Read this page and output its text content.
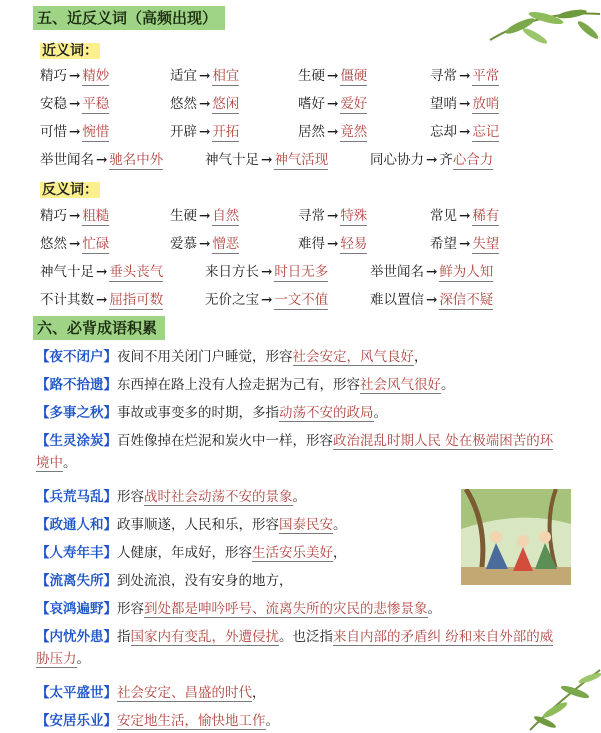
五、近反义词（高频出现）
近义词：
反义词：
六、必背成语积累
精巧 → 精妙	适宜 → 相宜	生硬 → 僵硬	寻常 → 平常
安稳 → 平稳	悠然 → 悠闲	嗜好 → 爱好	望哨 → 放哨
可惜 → 惋惜	开辟 → 开拓	居然 → 竟然	忘却 → 忘记
举世闻名 → 驰名中外	神气十足 → 神气活现	同心协力 → 齐心合力
精巧 → 粗糙	生硬 → 自然	寻常 → 特殊	常见 → 稀有
悠然 → 忙碌	爱慕 → 憎恶	难得 → 轻易	希望 → 失望
神气十足 → 垂头丧气	来日方长 → 时日无多	举世闻名 → 鲜为人知
不计其数 → 屈指可数	无价之宝 → 一文不值	难以置信 → 深信不疑
【夜不闭户】夜间不用关闭门户睡觉，形容社会安定，风气良好，
【路不拾遗】东西掉在路上没有人捡走据为己有，形容社会风气很好。
【多事之秋】事故或事变多的时期，多指动荡不安的政局。
【生灵涂炭】百姓像掉在烂泥和炭火中一样，形容政治混乱时期人民 处在极端困苦的环境中。
【兵荒马乱】形容战时社会动荡不安的景象。
【政通人和】政事顺遂，人民和乐，形容国泰民安。
【人寿年丰】人健康，年成好，形容生活安乐美好，
【流离失所】到处流浪，没有安身的地方，
【哀鸿遍野】形容到处都是呻吟呼号、流离失所的灾民的悲惨景象。
【内忧外患】指国家内有变乱，外遭侵扰。也泛指来自内部的矛盾纠 纷和来自外部的威胁压力。
【太平盛世】社会安定、昌盛的时代，
【安居乐业】安定地生活，愉快地工作。
